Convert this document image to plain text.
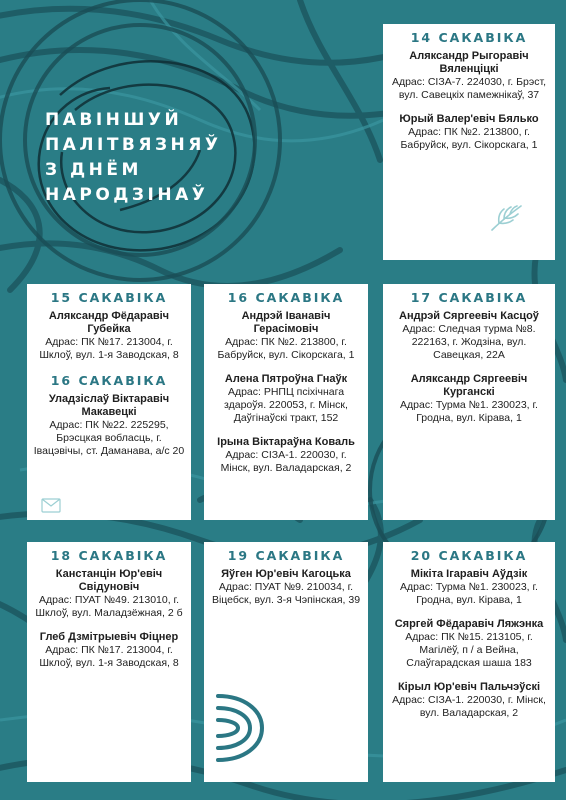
ПАВІНШУЙ
ПАЛІТВЯЗНЯЎ
З ДНЁМ
НАРОДЗІНАЎ
14 САКАВІКА
Аляксандр Рыгоравіч Вяленціцкі
Адрас: СІЗА-7. 224030, г. Брэст, вул. Савецкіх памежнікаў, 37
Юрый Валер'евіч Бялько
Адрас: ПК №2. 213800, г. Бабруйск, вул. Сікорскага, 1
15 САКАВІКА
Аляксандр Фёдаравіч Губейка
Адрас: ПК №17. 213004, г. Шклоў, вул. 1-я Заводская, 8
16 САКАВІКА
Уладзіслаў Віктаравіч Макавецкі
Адрас: ПК №22. 225295, Брэсцкая вобласць, г. Івацэвічы, ст. Даманава, а/с 20
16 САКАВІКА
Андрэй Іванавіч Герасімовіч
Адрас: ПК №2. 213800, г. Бабруйск, вул. Сікорскага, 1
Алена Пятроўна Гнаўк
Адрас: РНПЦ псіхічнага здароўя. 220053, г. Мінск, Даўгінаўскі тракт, 152
Ірына Віктараўна Коваль
Адрас: СІЗА-1. 220030, г. Мінск, вул. Валадарская, 2
17 САКАВІКА
Андрэй Сяргеевіч Касцоў
Адрас: Следчая турма №8. 222163, г. Жодзіна, вул. Савецкая, 22А
Аляксандр Сяргеевіч Курганскі
Адрас: Турма №1. 230023, г. Гродна, вул. Кірава, 1
18 САКАВІКА
Канстанцін Юр'евіч Свідуновіч
Адрас: ПУАТ №49. 213010, г. Шклоў, вул. Маладзёжная, 2 б
Глеб Дзмітрыевіч Фіцнер
Адрас: ПК №17. 213004, г. Шклоў, вул. 1-я Заводская, 8
19 САКАВІКА
Яўген Юр'евіч Кагоцька
Адрас: ПУАТ №9. 210034, г. Віцебск, вул. 3-я Чэпінская, 39
20 САКАВІКА
Мікіта Ігаравіч Аўдзік
Адрас: Турма №1. 230023, г. Гродна, вул. Кірава, 1
Сяргей Фёдаравіч Ляжэнка
Адрас: ПК №15. 213105, г. Магілёў, п / а Вейна, Слаўгарадская шаша 183
Кірыл Юр'евіч Пальчэўскі
Адрас: СІЗА-1. 220030, г. Мінск, вул. Валадарская, 2
